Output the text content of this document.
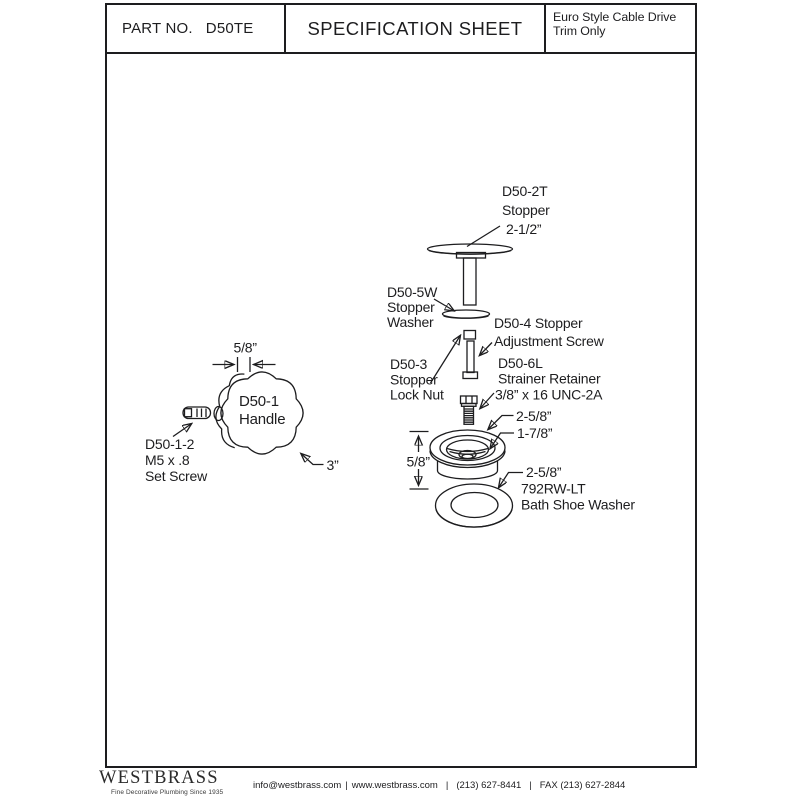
PART NO. D50TE	SPECIFICATION SHEET
Euro Style Cable Drive Trim Only
D50-2T
Stopper
2-1/2”
D50-5W
Stopper
Washer	D50-4 Stopper
Adjustment Screw
D50-3
Stopper
Lock Nut
D50-6L
Strainer Retainer
3/8” x 16 UNC-2A
2-5/8”
1-7/8”
5/8”
2-5/8”
792RW-LT
Bath Shoe Washer
D50-1
Handle
5/8”
3”
D50-1-2
M5 x .8
Set Screw
WESTBRASS
Fine Decorative Plumbing Since 1935
info@westbrass.com | www.westbrass.com | (213) 627-8441 | FAX (213) 627-2844
